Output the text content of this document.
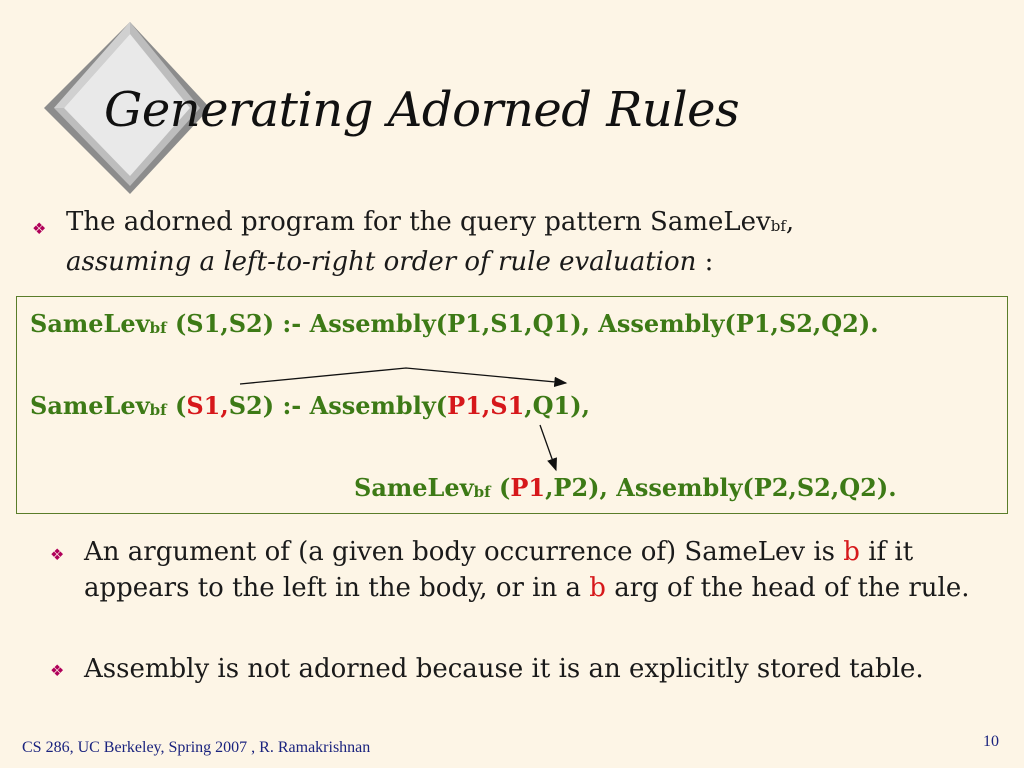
Generating Adorned Rules
❖ The adorned program for the query pattern SameLev$^{bf}$,
assuming a left-to-right order of rule evaluation :
SameLev$^{bf}$ (S1,S2) :- Assembly(P1,S1,Q1), Assembly(P1,S2,Q2).
SameLev$^{bf}$ (S1,S2) :- Assembly(P1,S1,Q1),
SameLev$^{bf}$ (P1,P2), Assembly(P2,S2,Q2).
❖ An argument of (a given body occurrence of) SameLev is b if it appears to the left in the body, or in a b arg of the head of the rule.
❖ Assembly is not adorned because it is an explicitly stored table.
CS 286, UC Berkeley, Spring 2007 , R. Ramakrishnan	10
